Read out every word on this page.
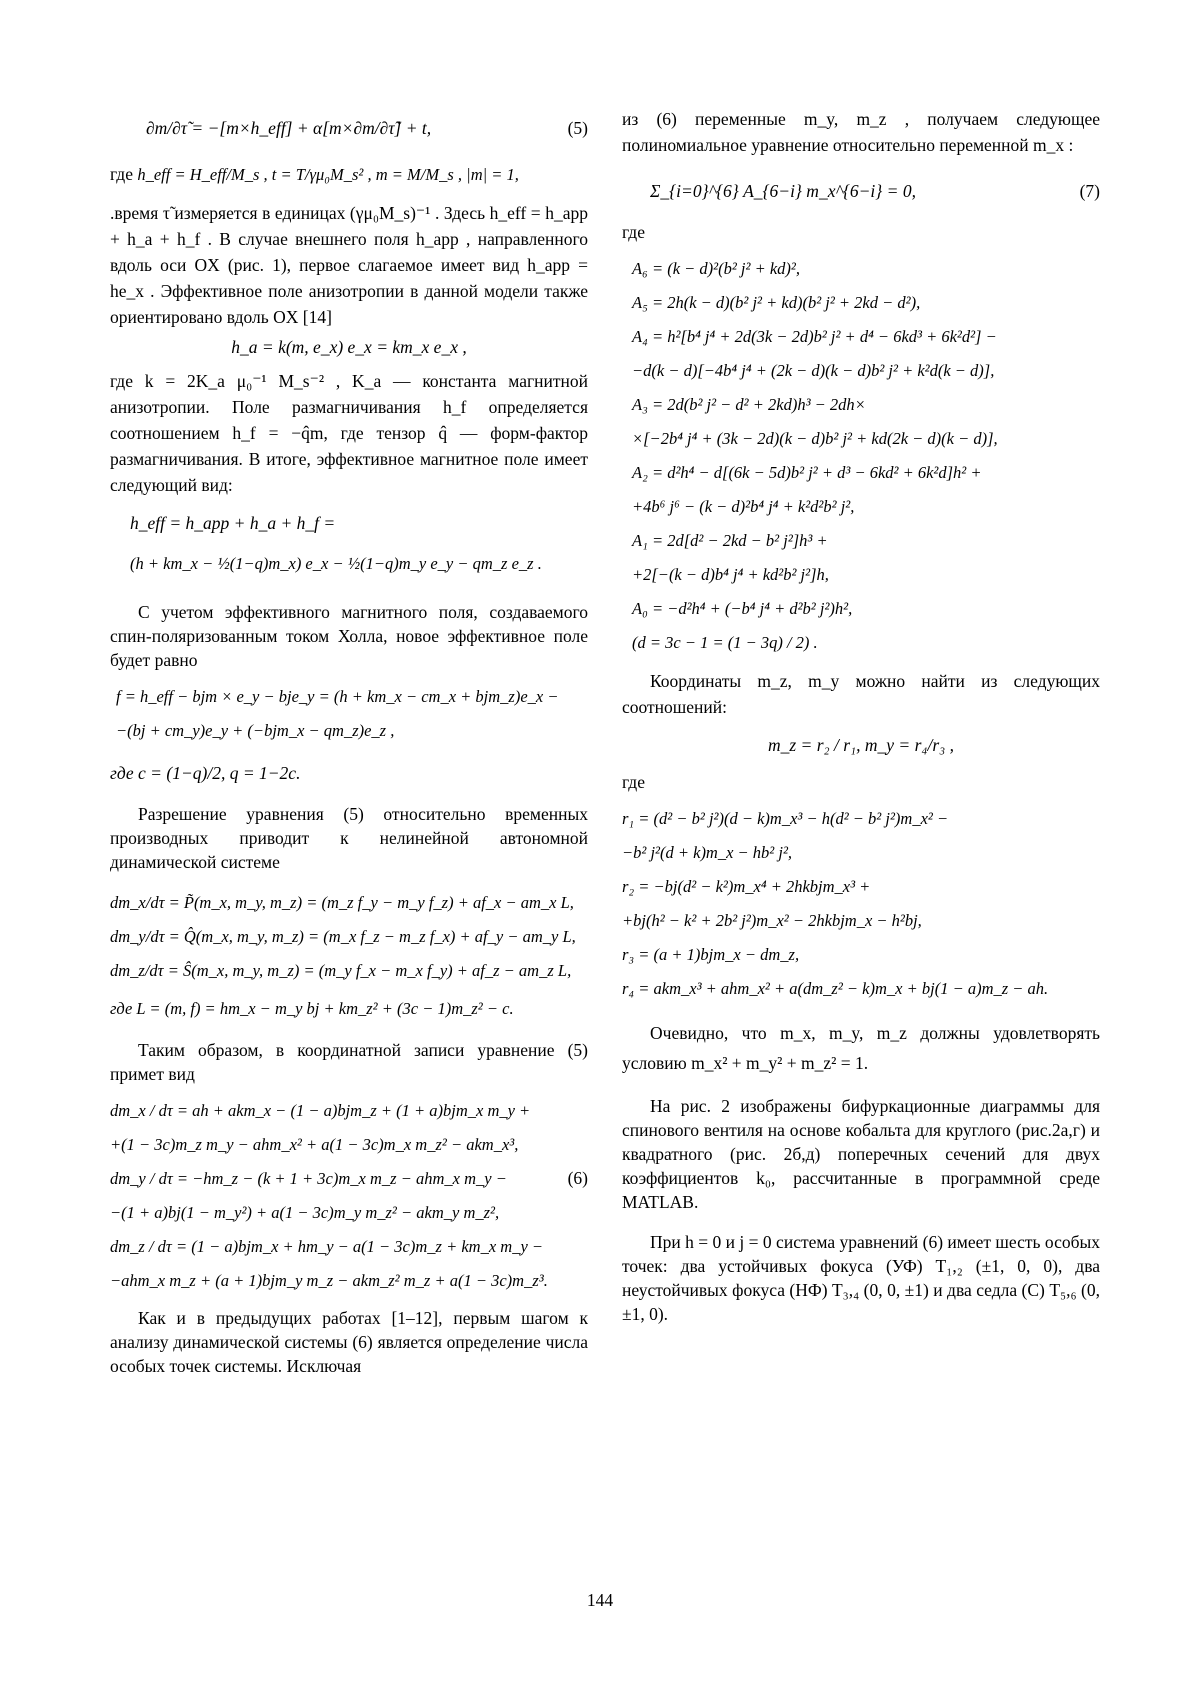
∂m/∂τ̃ = −[m×h_eff] + α[m×∂m/∂τ̃] + t,	(5)
где h_eff = H_eff/M_s , t = T/γμ₀M_s² , m = M/M_s , |m| = 1,

.время τ̃ измеряется в единицах (γμ₀M_s)⁻¹ . Здесь h_eff = h_app + h_a + h_f . В случае внешнего поля h_app , направленного вдоль оси OX (рис. 1), первое слагаемое имеет вид h_app = he_x . Эффективное поле анизотропии в данной модели также ориентировано вдоль OX [14]

h_a = k(m, e_x) e_x = km_x e_x ,

где k = 2K_a μ₀⁻¹ M_s⁻² , K_a — константа магнитной анизотропии. Поле размагничивания h_f определяется соотношением h_f = −q̂m, где тензор q̂ — форм-фактор размагничивания. В итоге, эффективное магнитное поле имеет следующий вид:

h_eff = h_app + h_a + h_f =
(h + km_x − ½(1−q)m_x) e_x − ½(1−q)m_y e_y − qm_z e_z .

С учетом эффективного магнитного поля, создаваемого спин-поляризованным током Холла, новое эффективное поле будет равно

f = h_eff − bjm × e_y − bje_y = (h + km_x − cm_x + bjm_z)e_x −
−(bj + cm_y)e_y + (−bjm_x − qm_z)e_z ,
где c = (1−q)/2, q = 1−2c.

Разрешение уравнения (5) относительно временных производных приводит к нелинейной автономной динамической системе

dm_x/dτ = P̃(m_x, m_y, m_z) = (m_z f_y − m_y f_z) + af_x − am_x L,
dm_y/dτ = Q̂(m_x, m_y, m_z) = (m_x f_z − m_z f_x) + af_y − am_y L,
dm_z/dτ = Ŝ(m_x, m_y, m_z) = (m_y f_x − m_x f_y) + af_z − am_z L,
где L = (m, f) = hm_x − m_y bj + km_z² + (3c − 1)m_z² − c.

Таким образом, в координатной записи уравнение (5) примет вид

dm_x / dτ = ah + akm_x − (1 − a)bjm_z + (1 + a)bjm_x m_y +
+(1 − 3c)m_z m_y − ahm_x² + a(1 − 3c)m_x m_z² − akm_x³,
dm_y / dτ = −hm_z − (k + 1 + 3c)m_x m_z − ahm_x m_y −
−(1 + a)bj(1 − m_y²) + a(1 − 3c)m_y m_z² − akm_y m_z²,
dm_z / dτ = (1 − a)bjm_x + hm_y − a(1 − 3c)m_z + km_x m_y −
−ahm_x m_z + (a + 1)bjm_y m_z − akm_z² m_z + a(1 − 3c)m_z³.
(6)

Как и в предыдущих работах [1–12], первым шагом к анализу динамической системы (6) является определение числа особых точек системы. Исключая

из (6) переменные m_y, m_z , получаем следующее полиномиальное уравнение относительно переменной m_x :

Σ_{i=0}^{6} A_{6−i} m_x^{6−i} = 0,	(7)

где

A₆ = (k − d)²(b² j² + kd)²,
A₅ = 2h(k − d)(b² j² + kd)(b² j² + 2kd − d²),
A₄ = h²[b⁴ j⁴ + 2d(3k − 2d)b² j² + d⁴ − 6kd³ + 6k²d²] −
−d(k − d)[−4b⁴ j⁴ + (2k − d)(k − d)b² j² + k²d(k − d)],
A₃ = 2d(b² j² − d² + 2kd)h³ − 2dh×
×[−2b⁴ j⁴ + (3k − 2d)(k − d)b² j² + kd(2k − d)(k − d)],
A₂ = d²h⁴ − d[(6k − 5d)b² j² + d³ − 6kd² + 6k²d]h² +
+4b⁶ j⁶ − (k − d)²b⁴ j⁴ + k²d²b² j²,
A₁ = 2d[d² − 2kd − b² j²]h³ +
+2[−(k − d)b⁴ j⁴ + kd²b² j²]h,
A₀ = −d²h⁴ + (−b⁴ j⁴ + d²b² j²)h²,
(d = 3c − 1 = (1 − 3q) / 2) .

Координаты m_z, m_y можно найти из следующих соотношений:

m_z = r₂ / r₁, m_y = r₄/r₃ ,

где

r₁ = (d² − b² j²)(d − k)m_x³ − h(d² − b² j²)m_x² −
−b² j²(d + k)m_x − hb² j²,
r₂ = −bj(d² − k²)m_x⁴ + 2hkbjm_x³ +
+bj(h² − k² + 2b² j²)m_x² − 2hkbjm_x − h²bj,
r₃ = (a + 1)bjm_x − dm_z,
r₄ = akm_x³ + ahm_x² + a(dm_z² − k)m_x + bj(1 − a)m_z − ah.

Очевидно, что m_x, m_y, m_z должны удовлетворять условию m_x² + m_y² + m_z² = 1.

На рис. 2 изображены бифуркационные диаграммы для спинового вентиля на основе кобальта для круглого (рис.2а,г) и квадратного (рис. 2б,д) поперечных сечений для двух коэффициентов k₀, рассчитанные в программной среде MATLAB.

При h = 0 и j = 0 система уравнений (6) имеет шесть особых точек: два устойчивых фокуса (УФ) T₁,₂ (±1, 0, 0), два неустойчивых фокуса (НФ) T₃,₄ (0, 0, ±1) и два седла (С) T₅,₆ (0, ±1, 0).

144
